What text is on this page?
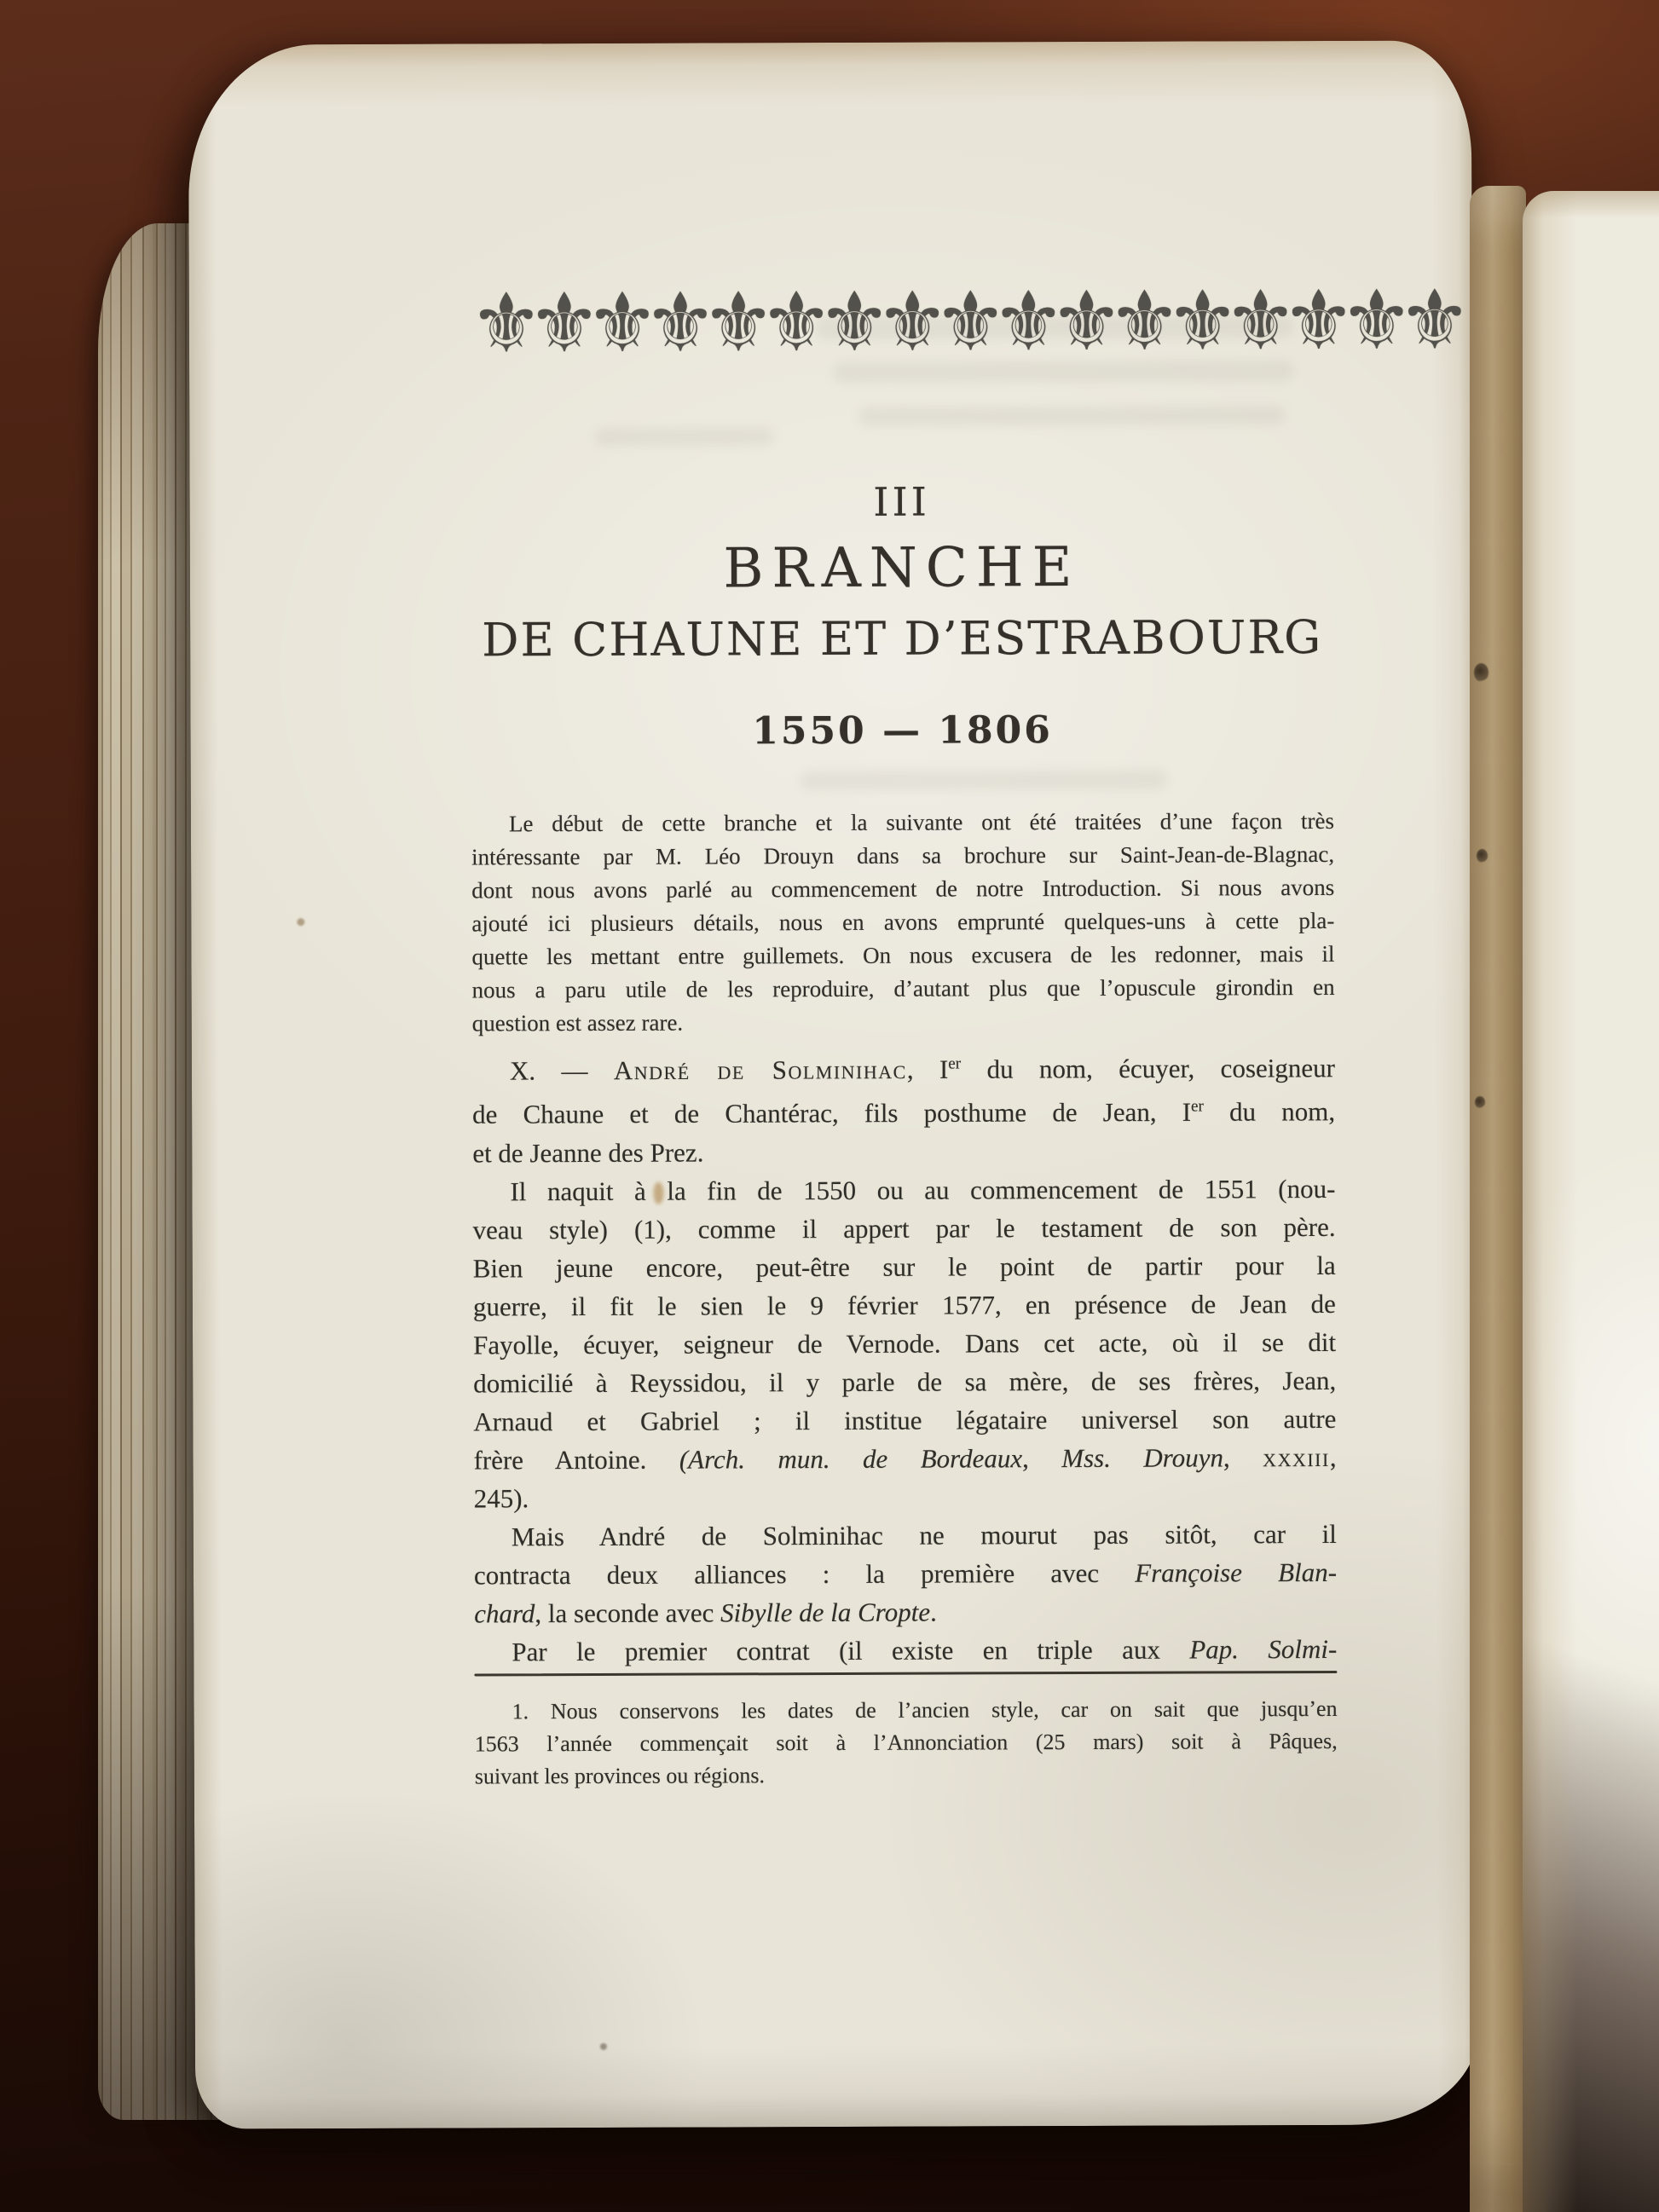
⚜⚜⚜⚜⚜⚜⚜⚜⚜⚜⚜⚜⚜⚜⚜⚜⚜
III
BRANCHE
DE CHAUNE ET D’ESTRABOURG
1550 — 1806
Le début de cette branche et la suivante ont été traitées d’une façon très
intéressante par M. Léo Drouyn dans sa brochure sur Saint-Jean-de-Blagnac,
dont nous avons parlé au commencement de notre Introduction. Si nous avons
ajouté ici plusieurs détails, nous en avons emprunté quelques-uns à cette pla-
quette les mettant entre guillemets. On nous excusera de les redonner, mais il
nous a paru utile de les reproduire, d’autant plus que l’opuscule girondin en
question est assez rare.
X. — André de Solminihac, Ier du nom, écuyer, coseigneur
de Chaune et de Chantérac, fils posthume de Jean, Ier du nom,
et de Jeanne des Prez.
Il naquit à la fin de 1550 ou au commencement de 1551 (nou-
veau style) (1), comme il appert par le testament de son père.
Bien jeune encore, peut-être sur le point de partir pour la
guerre, il fit le sien le 9 février 1577, en présence de Jean de
Fayolle, écuyer, seigneur de Vernode. Dans cet acte, où il se dit
domicilié à Reyssidou, il y parle de sa mère, de ses frères, Jean,
Arnaud et Gabriel ; il institue légataire universel son autre
frère Antoine. (Arch. mun. de Bordeaux, Mss. Drouyn, xxxiii,
245).
Mais André de Solminihac ne mourut pas sitôt, car il
contracta deux alliances : la première avec Françoise Blan-
chard, la seconde avec Sibylle de la Cropte.
Par le premier contrat (il existe en triple aux Pap. Solmi-
1. Nous conservons les dates de l’ancien style, car on sait que jusqu’en
1563 l’année commençait soit à l’Annonciation (25 mars) soit à Pâques,
suivant les provinces ou régions.
